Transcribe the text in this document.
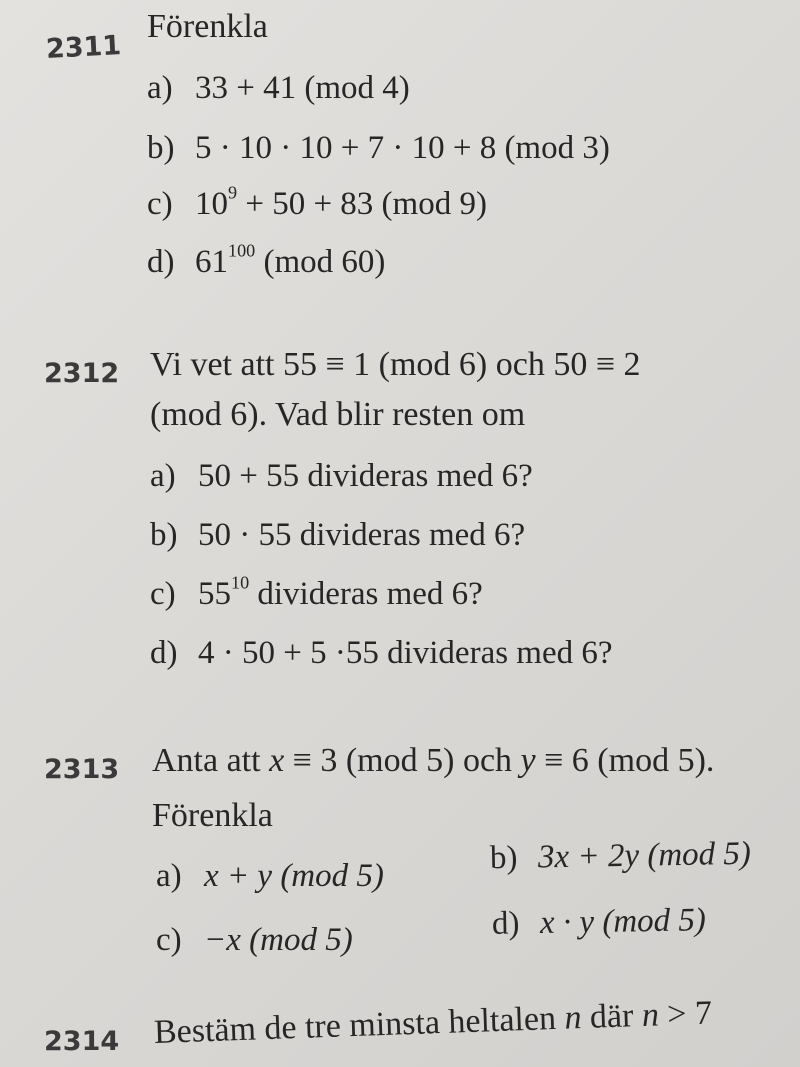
2311
Förenkla
a) 33 + 41 (mod 4)
b) 5 · 10 · 10 + 7 · 10 + 8 (mod 3)
c) $10^9 + 50 + 83$ (mod 9)
d) $61^{100}$ (mod 60)
2312 Vi vet att 55 ≡ 1 (mod 6) och 50 ≡ 2
(mod 6). Vad blir resten om
a) 50 + 55 divideras med 6?
b) 50 · 55 divideras med 6?
c) $55^{10}$ divideras med 6?
d) 4 · 50 + 5 ·55 divideras med 6?
2313 Anta att x ≡ 3 (mod 5) och y ≡ 6 (mod 5).
Förenkla
a) x + y (mod 5)	b) 3x + 2y (mod 5)
c) −x (mod 5)	d) x · y (mod 5)
2314 Bestäm de tre minsta heltalen n där n > 7
